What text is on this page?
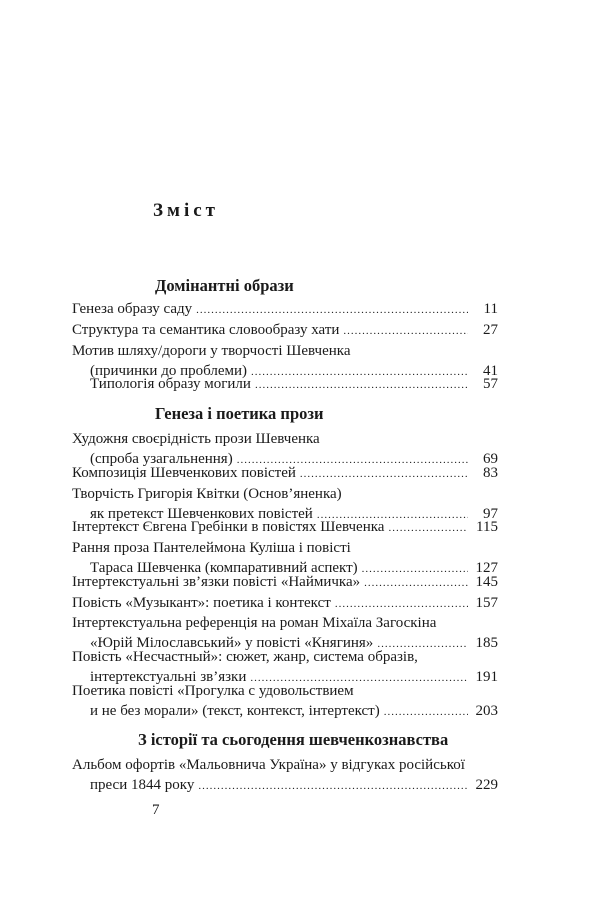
Зміст
Домінантні образи
Генеза образу саду .....	11
Структура та семантика словообразу хати .....	27
Мотив шляху/дороги у творчості Шевченка
(причинки до проблеми) .....	41
Типологія образу могили .....	57
Генеза і поетика прози
Художня своєрідність прози Шевченка
(спроба узагальнення) .....	69
Композиція Шевченкових повістей .....	83
Творчість Григорія Квітки (Основ’яненка)
як претекст Шевченкових повістей .....	97
Інтертекст Євгена Гребінки в повістях Шевченка .....	115
Рання проза Пантелеймона Куліша і повісті
Тараса Шевченка (компаративний аспект) .....	127
Інтертекстуальні зв’язки повісті «Наймичка» .....	145
Повість «Музыкант»: поетика і контекст .....	157
Інтертекстуальна референція на роман Міхаїла Загоскіна
«Юрій Мілославський» у повісті «Княгиня» .....	185
Повість «Несчастный»: сюжет, жанр, система образів,
інтертекстуальні зв’язки .....	191
Поетика повісті «Прогулка с удовольствием
и не без морали» (текст, контекст, інтертекст) .....	203
З історії та сьогодення шевченкознавства
Альбом офортів «Мальовнича Україна» у відгуках російської
преси 1844 року .....	229
7
